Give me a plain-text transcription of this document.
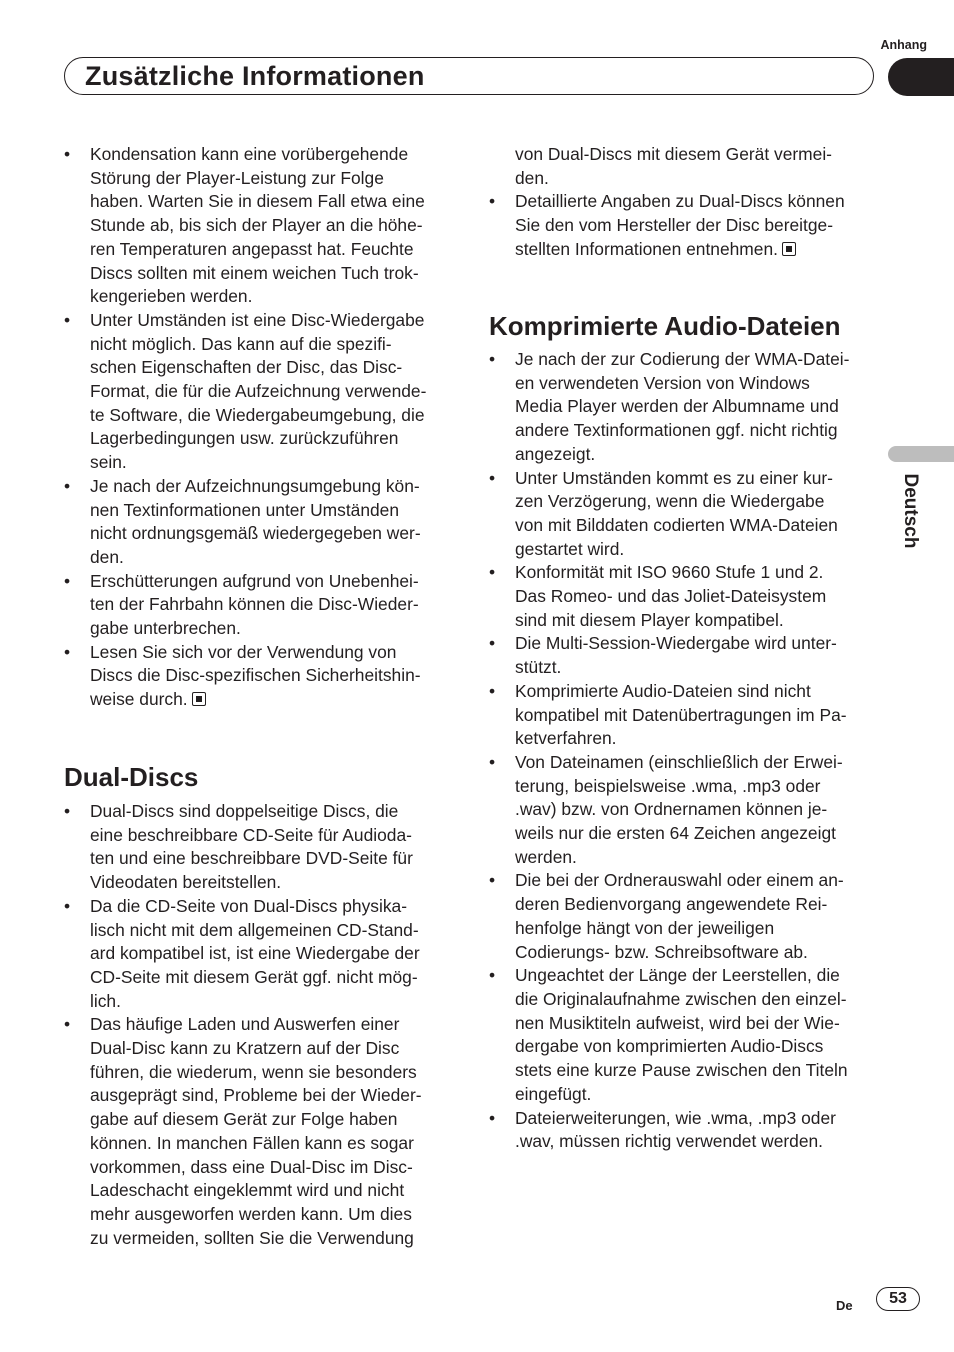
Anhang
Zusätzliche Informationen
Deutsch
• Kondensation kann eine vorübergehende
Störung der Player-Leistung zur Folge
haben. Warten Sie in diesem Fall etwa eine
Stunde ab, bis sich der Player an die höhe-
ren Temperaturen angepasst hat. Feuchte
Discs sollten mit einem weichen Tuch trok-
kengerieben werden.
• Unter Umständen ist eine Disc-Wiedergabe
nicht möglich. Das kann auf die spezifi-
schen Eigenschaften der Disc, das Disc-
Format, die für die Aufzeichnung verwende-
te Software, die Wiedergabeumgebung, die
Lagerbedingungen usw. zurückzuführen
sein.
• Je nach der Aufzeichnungsumgebung kön-
nen Textinformationen unter Umständen
nicht ordnungsgemäß wiedergegeben wer-
den.
• Erschütterungen aufgrund von Unebenhei-
ten der Fahrbahn können die Disc-Wieder-
gabe unterbrechen.
• Lesen Sie sich vor der Verwendung von
Discs die Disc-spezifischen Sicherheitshin-
weise durch.
Dual-Discs
• Dual-Discs sind doppelseitige Discs, die
eine beschreibbare CD-Seite für Audioda-
ten und eine beschreibbare DVD-Seite für
Videodaten bereitstellen.
• Da die CD-Seite von Dual-Discs physika-
lisch nicht mit dem allgemeinen CD-Stand-
ard kompatibel ist, ist eine Wiedergabe der
CD-Seite mit diesem Gerät ggf. nicht mög-
lich.
• Das häufige Laden und Auswerfen einer
Dual-Disc kann zu Kratzern auf der Disc
führen, die wiederum, wenn sie besonders
ausgeprägt sind, Probleme bei der Wieder-
gabe auf diesem Gerät zur Folge haben
können. In manchen Fällen kann es sogar
vorkommen, dass eine Dual-Disc im Disc-
Ladeschacht eingeklemmt wird und nicht
mehr ausgeworfen werden kann. Um dies
zu vermeiden, sollten Sie die Verwendung
von Dual-Discs mit diesem Gerät vermei-
den.
• Detaillierte Angaben zu Dual-Discs können
Sie den vom Hersteller der Disc bereitge-
stellten Informationen entnehmen.
Komprimierte Audio-Dateien
• Je nach der zur Codierung der WMA-Datei-
en verwendeten Version von Windows
Media Player werden der Albumname und
andere Textinformationen ggf. nicht richtig
angezeigt.
• Unter Umständen kommt es zu einer kur-
zen Verzögerung, wenn die Wiedergabe
von mit Bilddaten codierten WMA-Dateien
gestartet wird.
• Konformität mit ISO 9660 Stufe 1 und 2.
Das Romeo- und das Joliet-Dateisystem
sind mit diesem Player kompatibel.
• Die Multi-Session-Wiedergabe wird unter-
stützt.
• Komprimierte Audio-Dateien sind nicht
kompatibel mit Datenübertragungen im Pa-
ketverfahren.
• Von Dateinamen (einschließlich der Erwei-
terung, beispielsweise .wma, .mp3 oder
.wav) bzw. von Ordnernamen können je-
weils nur die ersten 64 Zeichen angezeigt
werden.
• Die bei der Ordnerauswahl oder einem an-
deren Bedienvorgang angewendete Rei-
henfolge hängt von der jeweiligen
Codierungs- bzw. Schreibsoftware ab.
• Ungeachtet der Länge der Leerstellen, die
die Originalaufnahme zwischen den einzel-
nen Musiktiteln aufweist, wird bei der Wie-
dergabe von komprimierten Audio-Discs
stets eine kurze Pause zwischen den Titeln
eingefügt.
• Dateierweiterungen, wie .wma, .mp3 oder
.wav, müssen richtig verwendet werden.
De	53
